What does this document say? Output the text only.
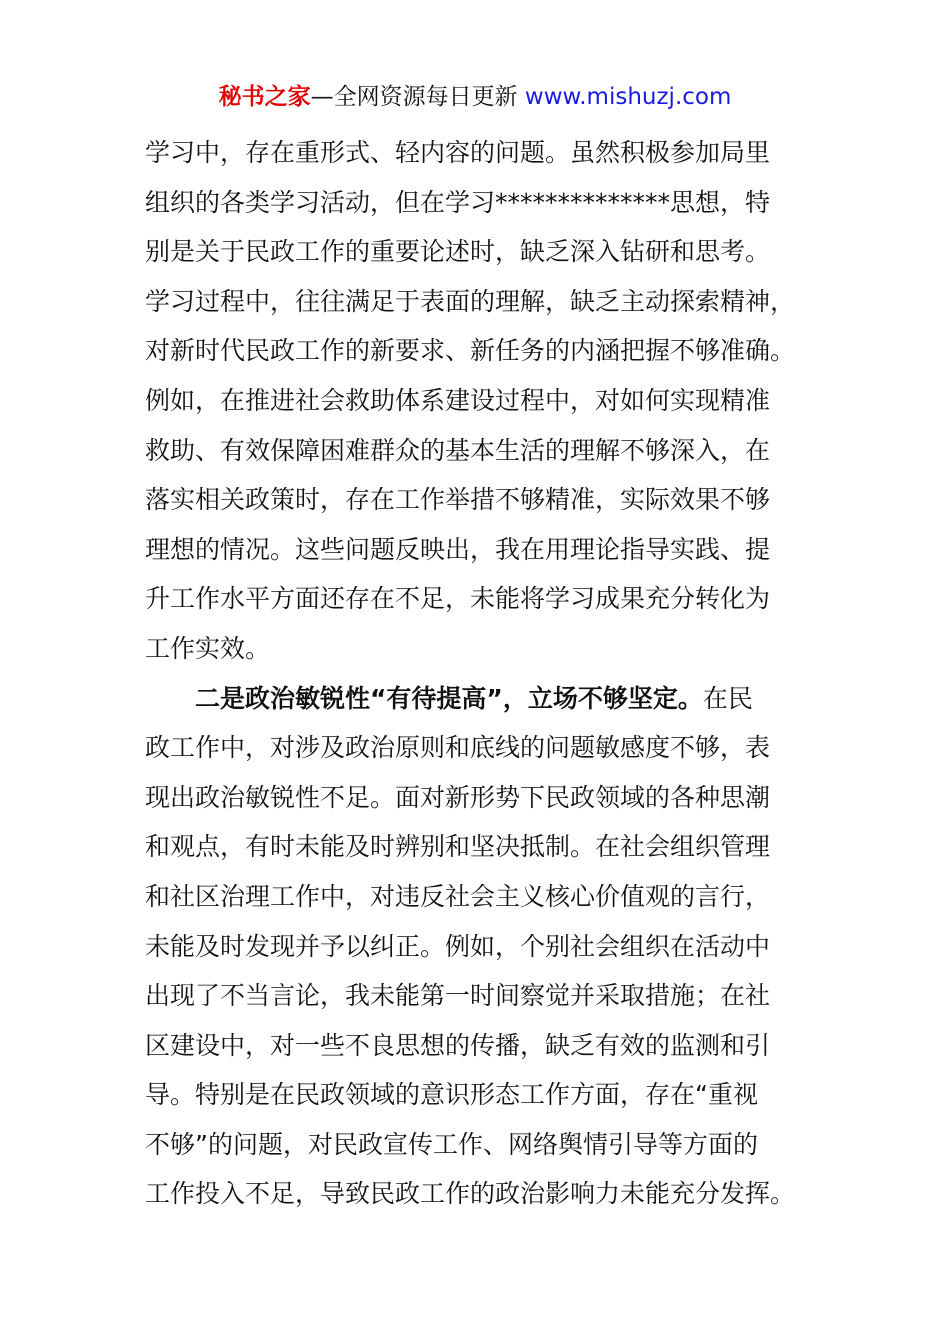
秘书之家—全网资源每日更新 www.mishuzj.com
学习中，存在重形式、轻内容的问题。虽然积极参加局里
组织的各类学习活动，但在学习**************思想，特
别是关于民政工作的重要论述时，缺乏深入钻研和思考。
学习过程中，往往满足于表面的理解，缺乏主动探索精神，
对新时代民政工作的新要求、新任务的内涵把握不够准确。
例如，在推进社会救助体系建设过程中，对如何实现精准
救助、有效保障困难群众的基本生活的理解不够深入，在
落实相关政策时，存在工作举措不够精准，实际效果不够
理想的情况。这些问题反映出，我在用理论指导实践、提
升工作水平方面还存在不足，未能将学习成果充分转化为
工作实效。
二是政治敏锐性“有待提高”，立场不够坚定。在民
政工作中，对涉及政治原则和底线的问题敏感度不够，表
现出政治敏锐性不足。面对新形势下民政领域的各种思潮
和观点，有时未能及时辨别和坚决抵制。在社会组织管理
和社区治理工作中，对违反社会主义核心价值观的言行，
未能及时发现并予以纠正。例如，个别社会组织在活动中
出现了不当言论，我未能第一时间察觉并采取措施；在社
区建设中，对一些不良思想的传播，缺乏有效的监测和引
导。特别是在民政领域的意识形态工作方面，存在“重视
不够”的问题，对民政宣传工作、网络舆情引导等方面的
工作投入不足，导致民政工作的政治影响力未能充分发挥。
